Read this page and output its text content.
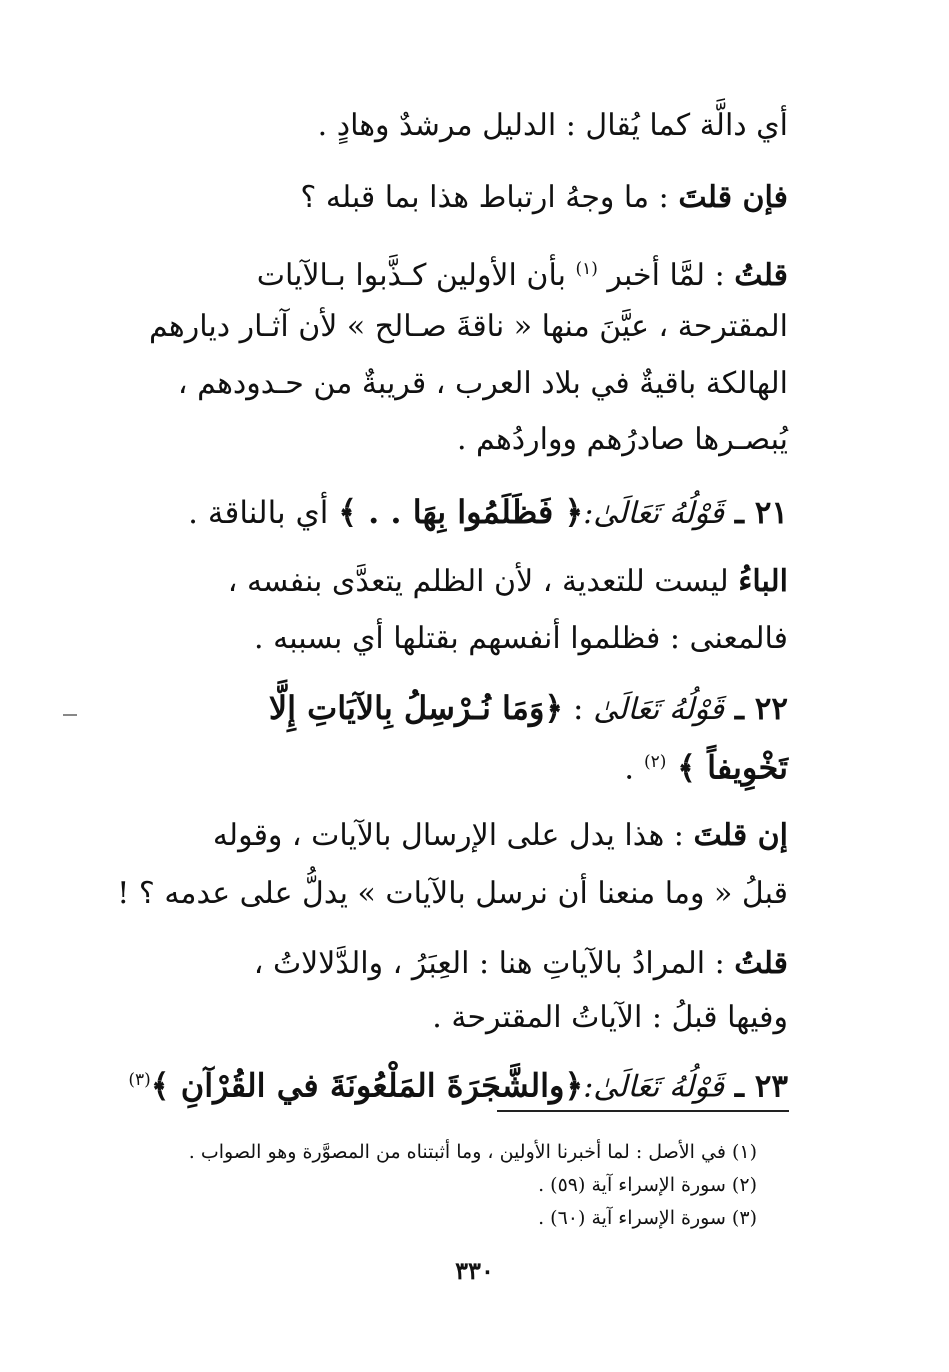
أي دالَّة كما يُقال : الدليل مرشدٌ وهادٍ .
فإن قلتَ : ما وجهُ ارتباط هذا بما قبله ؟
قلتُ : لمَّا أخبر $^{(١)}$ بأن الأولين كـذَّبوا بـالآيات
المقترحة ، عيَّنَ منها « ناقةَ صـالح » لأن آثـار ديارهم
الهالكة باقيةٌ في بلاد العرب ، قريبةٌ من حـدودهم ،
يُبصـرها صادرُهم وواردُهم .
٢١ ـ قَوْلُهُ تَعَالَىٰ:﴿ فَظَلَمُوا بِهَا . . ﴾ أي بالناقة .
الباءُ ليست للتعدية ، لأن الظلم يتعدَّى بنفسه ،
فالمعنى : فظلموا أنفسهم بقتلها أي بسببه .
٢٢ ـ قَوْلُهُ تَعَالَىٰ : ﴿وَمَا نُـرْسِلُ بِالآيَاتِ إِلَّا
تَخْوِيفاً ﴾ $^{(٢)}$ .
إن قلتَ : هذا يدل على الإرسال بالآيات ، وقوله
قبلُ « وما منعنا أن نرسل بالآيات » يدلُّ على عدمه ؟ !
قلتُ : المرادُ بالآياتِ هنا : العِبَرُ ، والدَّلالاتُ ،
وفيها قبلُ : الآياتُ المقترحة .
٢٣ ـ قَوْلُهُ تَعَالَىٰ:﴿والشَّجَرَةَ المَلْعُونَةَ في القُرْآنِ ﴾$^{(٣)}$
(١) في الأصل : لما أخبرنا الأولين ، وما أثبتناه من المصوَّرة وهو الصواب .
(٢) سورة الإسراء آية (٥٩) .
(٣) سورة الإسراء آية (٦٠) .
٣٣٠
